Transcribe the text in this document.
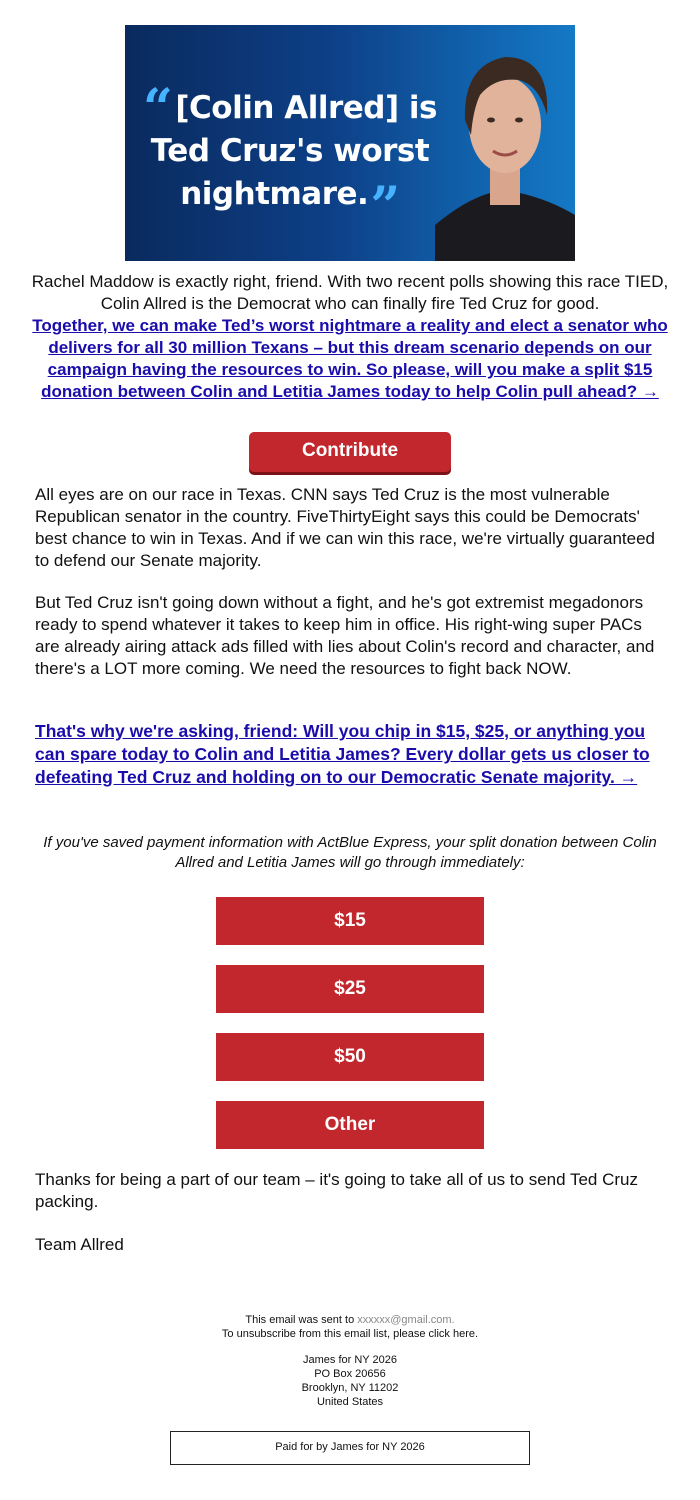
“[Colin Allred] is
Ted Cruz's worst
nightmare.”

Rachel Maddow is exactly right, friend. With two recent polls showing this race TIED, Colin Allred is the Democrat who can finally fire Ted Cruz for good.

Together, we can make Ted’s worst nightmare a reality and elect a senator who delivers for all 30 million Texans – but this dream scenario depends on our campaign having the resources to win. So please, will you make a split $15 donation between Colin and Letitia James today to help Colin pull ahead? →
Contribute

All eyes are on our race in Texas. CNN says Ted Cruz is the most vulnerable Republican senator in the country. FiveThirtyEight says this could be Democrats' best chance to win in Texas. And if we can win this race, we're virtually guaranteed to defend our Senate majority.

But Ted Cruz isn't going down without a fight, and he's got extremist megadonors ready to spend whatever it takes to keep him in office. His right-wing super PACs are already airing attack ads filled with lies about Colin's record and character, and there's a LOT more coming. We need the resources to fight back NOW.

That's why we're asking, friend: Will you chip in $15, $25, or anything you can spare today to Colin and Letitia James? Every dollar gets us closer to defeating Ted Cruz and holding on to our Democratic Senate majority. →

If you've saved payment information with ActBlue Express, your split donation between Colin Allred and Letitia James will go through immediately:

$15
$25
$50
Other

Thanks for being a part of our team – it's going to take all of us to send Ted Cruz packing.

Team Allred

This email was sent to xxxxxx@gmail.com.

To unsubscribe from this email list, please click here.

James for NY 2026

PO Box 20656

Brooklyn, NY 11202

United States

Paid for by James for NY 2026
